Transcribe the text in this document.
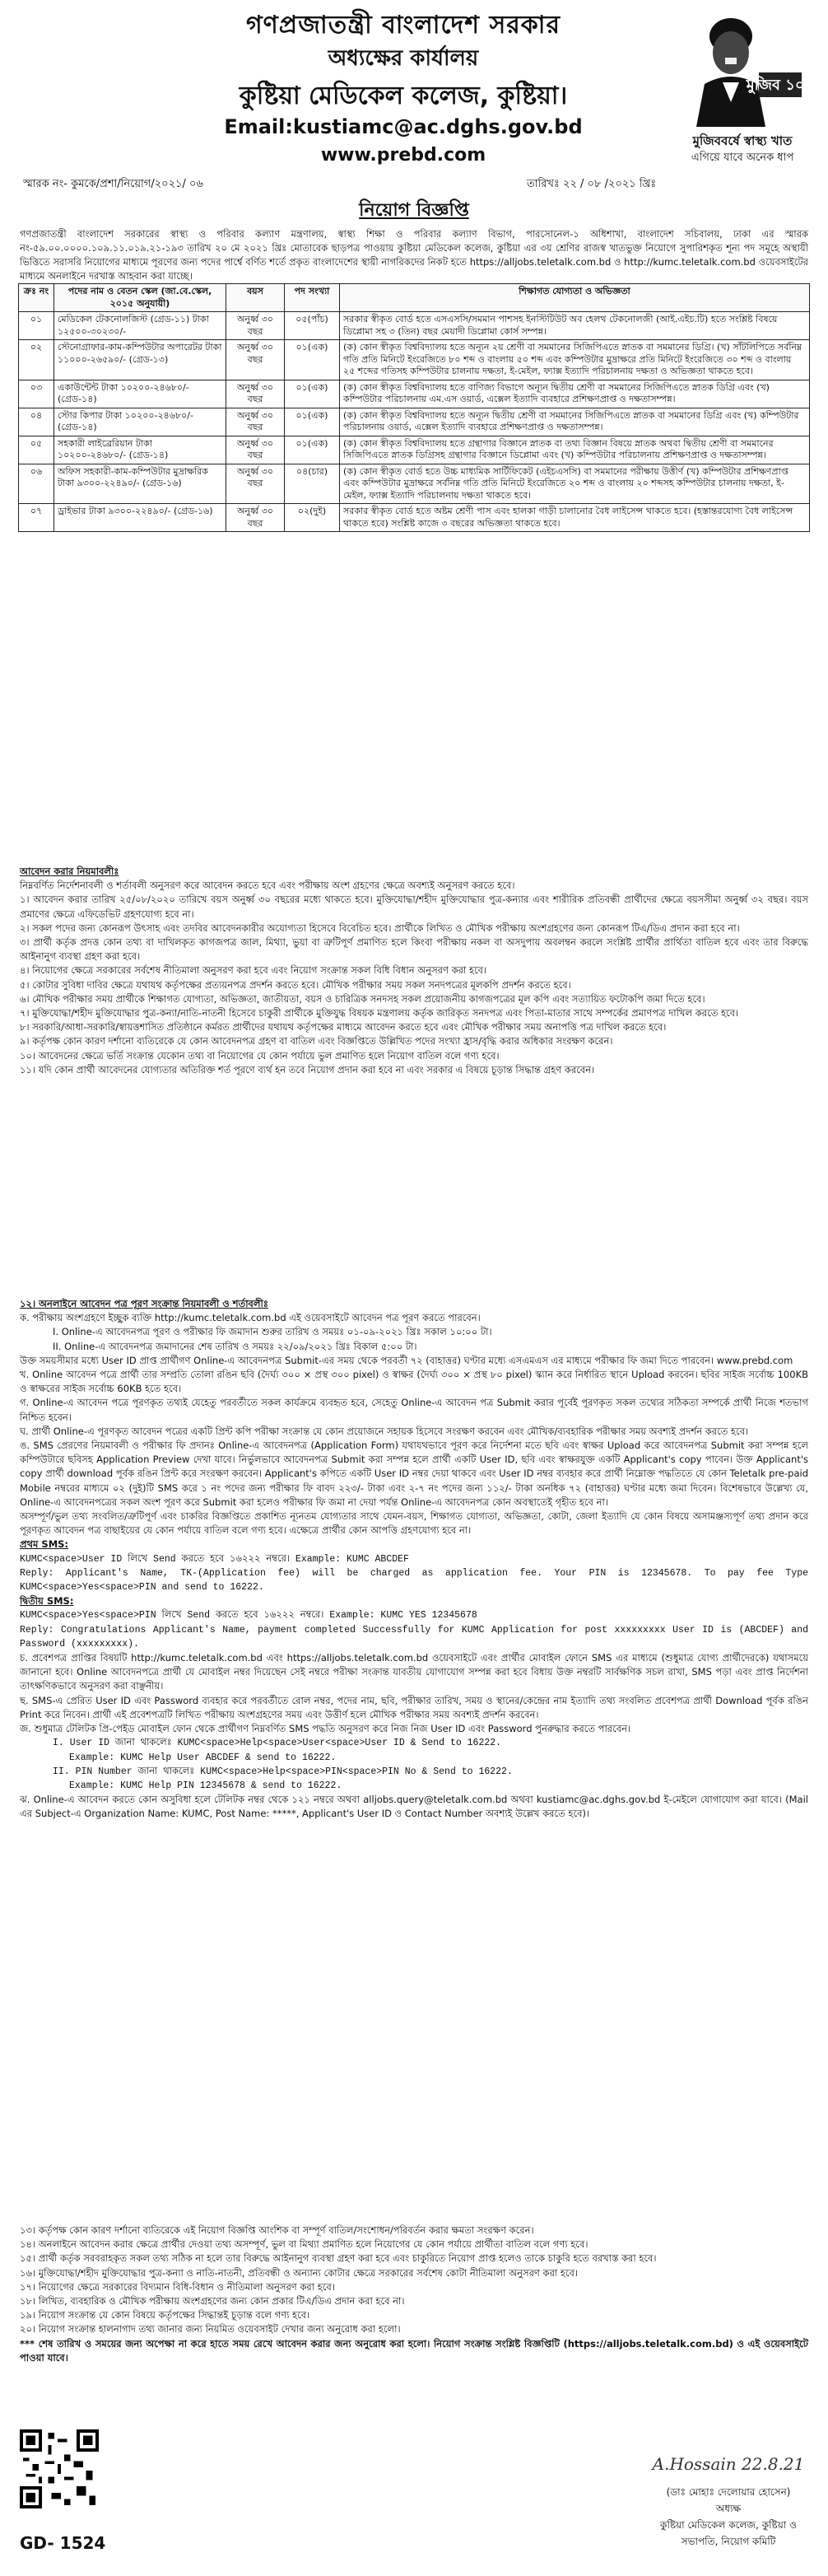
গণপ্রজাতন্ত্রী বাংলাদেশ সরকার
অধ্যক্ষের কার্যালয়
কুষ্টিয়া মেডিকেল কলেজ, কুষ্টিয়া।
Email:kustiamc@ac.dghs.gov.bd
www.prebd.com
মুজিব ১০০
মুজিববর্ষে স্বাস্থ্য খাত
এগিয়ে যাবে অনেক ধাপ
স্মারক নং- কুমকে/প্রশা/নিয়োগ/২০২১/ ০৬	তারিখঃ ২২ / ০৮ /২০২১ খ্রিঃ
নিয়োগ বিজ্ঞপ্তি
গণপ্রজাতন্ত্রী বাংলাদেশ সরকারের স্বাস্থ্য ও পরিবার কল্যাণ মন্ত্রণালয়, স্বাস্থ্য শিক্ষা ও পরিবার কল্যাণ বিভাগ, পারসোনেল-১ অধিশাখা, বাংলাদেশ সচিবালয়, ঢাকা এর স্মারক নং-৫৯.০০.০০০০.১০৯.১১.০১৯.২১-১৯৩ তারিখ ২০ মে ২০২১ খ্রিঃ মোতাবেক ছাড়পত্র পাওয়ায় কুষ্টিয়া মেডিকেল কলেজ, কুষ্টিয়া এর ৩য় শ্রেণির রাজস্ব খাতভুক্ত নিয়োগে সুপারিশকৃত শূন্য পদ সমূহে অস্থায়ী ভিত্তিতে সরাসরি নিয়োগের মাধ্যমে পূরণের জন্য পদের পার্শ্বে বর্ণিত শর্তে প্রকৃত বাংলাদেশের স্থায়ী নাগরিকদের নিকট হতে https://alljobs.teletalk.com.bd ও http://kumc.teletalk.com.bd ওয়েবসাইটের মাধ্যমে অনলাইনে দরখাস্ত আহবান করা যাচ্ছে।
ক্রঃ নং	পদের নাম ও বেতন স্কেল (জা.বে.স্কেল, ২০১৫ অনুযায়ী)	বয়স	পদ সংখ্যা	শিক্ষাগত যোগ্যতা ও অভিজ্ঞতা
০১	মেডিকেল টেকনোলজিস্ট (গ্রেড-১১) টাকা ১২৫০০-৩০২৩০/-	অনুর্ধ্ব ৩০ বছর	০৫(পাঁচ)	সরকার স্বীকৃত বোর্ড হতে এসএসসি/সমমান পাশসহ ইনস্টিটিউট অব হেলথ টেকনোলজী (আই.এইচ.টি) হতে সংশ্লিষ্ট বিষয়ে ডিপ্লোমা সহ ৩ (তিন) বছর মেয়াদী ডিপ্লোমা কোর্স সম্পন্ন।
০২	স্টেনোগ্রাফার-কাম-কম্পিউটার অপারেটর টাকা ১১০০০-২৬৫৯০/- (গ্রেড-১৩)	অনুর্ধ্ব ৩০ বছর	০১(এক)	(ক) কোন স্বীকৃত বিশ্ববিদ্যালয় হতে অন্যূন ২য় শ্রেণী বা সমমানের সিজিপিএতে স্নাতক বা সমমানের ডিগ্রি। (খ) সাঁটলিপিতে সর্বনিম্ন গতি প্রতি মিনিটে ইংরেজিতে ৮০ শব্দ ও বাংলায় ৫০ শব্দ এবং কম্পিউটার মুদ্রাক্ষরে প্রতি মিনিটে ইংরেজিতে ৩০ শব্দ ও বাংলায় ২৫ শব্দের গতিসহ কম্পিউটার চালনায় দক্ষতা, ই-মেইল, ফ্যাক্স ইত্যাদি পরিচালনায় দক্ষতা ও অভিজ্ঞতা থাকতে হবে।
০৩	একাউন্টেন্ট টাকা ১০২০০-২৪৬৮০/- (গ্রেড-১৪)	অনুর্ধ্ব ৩০ বছর	০১(এক)	(ক) কোন স্বীকৃত বিশ্ববিদ্যালয় হতে বাণিজ্য বিভাগে অন্যূন দ্বিতীয় শ্রেণী বা সমমানের সিজিপিএতে স্নাতক ডিগ্রি এবং (খ) কম্পিউটার পরিচালনায় এম.এস ওয়ার্ড, এক্সেল ইত্যাদি ব্যবহারে প্রশিক্ষণপ্রাপ্ত ও দক্ষতাসম্পন্ন।
০৪	স্টোর কিপার টাকা ১০২০০-২৪৬৮০/- (গ্রেড-১৪)	অনুর্ধ্ব ৩০ বছর	০১(এক)	(ক) কোন স্বীকৃত বিশ্ববিদ্যালয় হতে অন্যূন দ্বিতীয় শ্রেণী বা সমমানের সিজিপিএতে স্নাতক বা সমমানের ডিগ্রি এবং (খ) কম্পিউটার পরিচালনায় ওয়ার্ড, এক্সেল ইত্যাদি ব্যবহারে প্রশিক্ষণপ্রাপ্ত ও দক্ষতাসম্পন্ন।
০৫	সহকারী লাইব্রেরিয়ান টাকা ১০২০০-২৪৬৮০/- (গ্রেড-১৪)	অনুর্ধ্ব ৩০ বছর	০১(এক)	(ক) কোন স্বীকৃত বিশ্ববিদ্যালয় হতে গ্রন্থাগার বিজ্ঞানে স্নাতক বা তথ্য বিজ্ঞান বিষয়ে স্নাতক অথবা দ্বিতীয় শ্রেণী বা সমমানের সিজিপিএতে স্নাতক ডিগ্রিসহ গ্রন্থাগার বিজ্ঞানে ডিপ্লোমা এবং (খ) কম্পিউটার পরিচালনায় প্রশিক্ষণপ্রাপ্ত ও দক্ষতাসম্পন্ন।
০৬	অফিস সহকারী-কাম-কম্পিউটার মুদ্রাক্ষরিক টাকা ৯৩০০-২২৪৯০/- (গ্রেড-১৬)	অনুর্ধ্ব ৩০ বছর	০৪(চার)	(ক) কোন স্বীকৃত বোর্ড হতে উচ্চ মাধ্যমিক সার্টিফিকেট (এইচএসসি) বা সমমানের পরীক্ষায় উত্তীর্ণ (খ) কম্পিউটার প্রশিক্ষণপ্রাপ্ত এবং কম্পিউটার মুদ্রাক্ষরে সর্বনিম্ন গতি প্রতি মিনিটে ইংরেজিতে ২০ শব্দ ও বাংলায় ২০ শব্দসহ কম্পিউটার চালনায় দক্ষতা, ই-মেইল, ফ্যাক্স ইত্যাদি পরিচালনায় দক্ষতা থাকতে হবে।
০৭	ড্রাইভার টাকা ৯৩০০-২২৪৯০/- (গ্রেড-১৬)	অনুর্ধ্ব ৩০ বছর	০২(দুই)	সরকার স্বীকৃত বোর্ড হতে অষ্টম শ্রেণী পাস এবং হালকা গাড়ী চালানোর বৈধ লাইসেন্স থাকতে হবে। (হস্তান্তরযোগ্য বৈধ লাইসেন্স থাকতে হবে) সংশ্লিষ্ট কাজে ৩ বছরের অভিজ্ঞতা থাকতে হবে।
আবেদন করার নিয়মাবলীঃ

নিম্নবর্ণিত নির্দেশনাবলী ও শর্তাবলী অনুসরণ করে আবেদন করতে হবে এবং পরীক্ষায় অংশ গ্রহণের ক্ষেত্রে অবশ্যই অনুসরণ করতে হবে।

১। আবেদন করার তারিখ ২৫/০৮/২০২০ তারিখে বয়স অনুর্ধ্ব ৩০ বছরের মধ্যে থাকতে হবে। মুক্তিযোদ্ধা/শহীদ মুক্তিযোদ্ধার পুত্র-কন্যার এবং শারীরিক প্রতিবন্ধী প্রার্থীদের ক্ষেত্রে বয়সসীমা অনুর্ধ্ব ৩২ বছর। বয়স প্রমাণের ক্ষেত্রে এফিডেভিট গ্রহণযোগ্য হবে না।

২। সকল পদের জন্য কোনরূপ উৎসাহ এবং তদবির আবেদনকারীর অযোগ্যতা হিসেবে বিবেচিত হবে। প্রার্থীকে লিখিত ও মৌখিক পরীক্ষায় অংশগ্রহণের জন্য কোনরূপ টিএ/ডিএ প্রদান করা হবে না।

৩। প্রার্থী কর্তৃক প্রদত্ত কোন তথ্য বা দাখিলকৃত কাগজপত্র জাল, মিথ্যা, ভুয়া বা ত্রুটিপূর্ণ প্রমাণিত হলে কিংবা পরীক্ষায় নকল বা অসদুপায় অবলম্বন করলে সংশ্লিষ্ট প্রার্থীর প্রার্থিতা বাতিল হবে এবং তার বিরুদ্ধে আইনানুগ ব্যবস্থা গ্রহণ করা হবে।

৪। নিয়োগের ক্ষেত্রে সরকারের সর্বশেষ নীতিমালা অনুসরণ করা হবে এবং নিয়োগ সংক্রান্ত সকল বিধি বিধান অনুসরণ করা হবে।

৫। কোটার সুবিধা দাবির ক্ষেত্রে যথাযথ কর্তৃপক্ষের প্রত্যয়নপত্র প্রদর্শন করতে হবে। মৌখিক পরীক্ষার সময় সকল সনদপত্রের মূলকপি প্রদর্শন করতে হবে।

৬। মৌখিক পরীক্ষার সময় প্রার্থীকে শিক্ষাগত যোগ্যতা, অভিজ্ঞতা, জাতীয়তা, বয়স ও চারিত্রিক সনদসহ সকল প্রয়োজনীয় কাগজপত্রের মূল কপি এবং সত্যায়িত ফটোকপি জমা দিতে হবে।

৭। মুক্তিযোদ্ধা/শহীদ মুক্তিযোদ্ধার পুত্র-কন্যা/নাতি-নাতনী হিসেবে চাকুরী প্রার্থীকে মুক্তিযুদ্ধ বিষয়ক মন্ত্রণালয় কর্তৃক জারিকৃত সনদপত্র এবং পিতা-মাতার সাথে সম্পর্কের প্রমাণপত্র দাখিল করতে হবে।

৮। সরকারি/আধা-সরকারি/স্বায়ত্তশাসিত প্রতিষ্ঠানে কর্মরত প্রার্থীদের যথাযথ কর্তৃপক্ষের মাধ্যমে আবেদন করতে হবে এবং মৌখিক পরীক্ষার সময় অনাপত্তি পত্র দাখিল করতে হবে।

৯। কর্তৃপক্ষ কোন কারণ দর্শানো ব্যতিরেকে যে কোন আবেদনপত্র গ্রহণ বা বাতিল এবং বিজ্ঞপ্তিতে উল্লিখিত পদের সংখ্যা হ্রাস/বৃদ্ধি করার অধিকার সংরক্ষণ করেন।

১০। আবেদনের ক্ষেত্রে ভর্তি সংক্রান্ত যেকোন তথ্য বা নিয়োগের যে কোন পর্যায়ে ভুল প্রমাণিত হলে নিয়োগ বাতিল বলে গণ্য হবে।

১১। যদি কোন প্রার্থী আবেদনের যোগ্যতার অতিরিক্ত শর্ত পূরণে ব্যর্থ হন তবে নিয়োগ প্রদান করা হবে না এবং সরকার এ বিষয়ে চূড়ান্ত সিদ্ধান্ত গ্রহণ করবেন।

১২। অনলাইনে আবেদন পত্র পূরণ সংক্রান্ত নিয়মাবলী ও শর্তাবলীঃ

ক. পরীক্ষায় অংশগ্রহণে ইচ্ছুক ব্যক্তি http://kumc.teletalk.com.bd এই ওয়েবসাইটে আবেদন পত্র পূরণ করতে পারবেন।

I. Online-এ আবেদনপত্র পূরণ ও পরীক্ষার ফি জমাদান শুরুর তারিখ ও সময়ঃ ০১-০৯-২০২১ খ্রিঃ সকাল ১০:০০ টা।

II. Online-এ আবেদনপত্র জমাদানের শেষ তারিখ ও সময়ঃ ২২/০৯/২০২১ খ্রিঃ বিকাল ৫:০০ টা।

উক্ত সময়সীমার মধ্যে User ID প্রাপ্ত প্রার্থীগণ Online-এ আবেদনপত্র Submit-এর সময় থেকে পরবর্তী ৭২ (বাহাত্তর) ঘণ্টার মধ্যে এসএমএস এর মাধ্যমে পরীক্ষার ফি জমা দিতে পারবেন। www.prebd.com

খ. Online আবেদন পত্রে প্রার্থী তার সম্প্রতি তোলা রঙিন ছবি (দৈর্ঘ্য ৩০০ × প্রস্থ ৩০০ pixel) ও স্বাক্ষর (দৈর্ঘ্য ৩০০ × প্রস্থ ৮০ pixel) স্ক্যান করে নির্ধারিত স্থানে Upload করবেন। ছবির সাইজ সর্বোচ্চ 100KB ও স্বাক্ষরের সাইজ সর্বোচ্চ 60KB হতে হবে।

গ. Online-এ আবেদন পত্রে পূরণকৃত তথ্যই যেহেতু পরবর্তীতে সকল কার্যক্রমে ব্যবহৃত হবে, সেহেতু Online-এ আবেদন পত্র Submit করার পূর্বেই পূরণকৃত সকল তথ্যের সঠিকতা সম্পর্কে প্রার্থী নিজে শতভাগ নিশ্চিত হবেন।

ঘ. প্রার্থী Online-এ পূরণকৃত আবেদন পত্রের একটি প্রিন্ট কপি পরীক্ষা সংক্রান্ত যে কোন প্রয়োজনে সহায়ক হিসেবে সংরক্ষণ করবেন এবং মৌখিক/ব্যবহারিক পরীক্ষার সময় অবশ্যই প্রদর্শন করতে হবে।

ঙ. SMS প্রেরণের নিয়মাবলী ও পরীক্ষার ফি প্রদানঃ Online-এ আবেদনপত্র (Application Form) যথাযথভাবে পূরণ করে নির্দেশনা মতে ছবি এবং স্বাক্ষর Upload করে আবেদনপত্র Submit করা সম্পন্ন হলে কম্পিউটারে ছবিসহ Application Preview দেখা যাবে। নির্ভুলভাবে আবেদনপত্র Submit করা সম্পন্ন হলে প্রার্থী একটি User ID, ছবি এবং স্বাক্ষরযুক্ত একটি Applicant's copy পাবেন। উক্ত Applicant's copy প্রার্থী download পূর্বক রঙিন প্রিন্ট করে সংরক্ষণ করবেন। Applicant's কপিতে একটি User ID নম্বর দেয়া থাকবে এবং User ID নম্বর ব্যবহার করে প্রার্থী নিম্নোক্ত পদ্ধতিতে যে কোন Teletalk pre-paid Mobile নম্বরের মাধ্যমে ০২ (দুই)টি SMS করে ১ নং পদের জন্য পরীক্ষার ফি বাবদ ২২৩/- টাকা এবং ২-৭ নং পদের জন্য ১১২/- টাকা অনধিক ৭২ (বাহাত্তর) ঘণ্টার মধ্যে জমা দিবেন। বিশেষভাবে উল্লেখ্য যে, Online-এ আবেদনপত্রের সকল অংশ পূরণ করে Submit করা হলেও পরীক্ষার ফি জমা না দেয়া পর্যন্ত Online-এ আবেদনপত্র কোন অবস্থাতেই গৃহীত হবে না।

অসম্পূর্ণ/ভুল তথ্য সংবলিত/ত্রুটিপূর্ণ এবং চাকরির বিজ্ঞপ্তিতে প্রকাশিত ন্যূনতম যোগ্যতার সাথে যেমন-বয়স, শিক্ষাগত যোগ্যতা, অভিজ্ঞতা, কোটা, জেলা ইত্যাদি যে কোন বিষয়ে অসামঞ্জস্যপূর্ণ তথ্য প্রদান করে পূরণকৃত আবেদন পত্র বাছাইয়ের যে কোন পর্যায়ে বাতিল বলে গণ্য হবে। এক্ষেত্রে প্রার্থীর কোন আপত্তি গ্রহণযোগ্য হবে না।

প্রথম SMS:

KUMC<space>User ID লিখে Send করতে হবে ১৬২২২ নম্বরে। Example: KUMC ABCDEF

Reply: Applicant's Name, TK-(Application fee) will be charged as application fee. Your PIN is 12345678. To pay fee Type KUMC<space>Yes<space>PIN and send to 16222.

দ্বিতীয় SMS:

KUMC<space>Yes<space>PIN লিখে Send করতে হবে ১৬২২২ নম্বরে। Example: KUMC YES 12345678

Reply: Congratulations Applicant's Name, payment completed Successfully for KUMC Application for post xxxxxxxxx User ID is (ABCDEF) and Password (xxxxxxxxx).

চ. প্রবেশপত্র প্রাপ্তির বিষয়টি http://kumc.teletalk.com.bd এবং https://alljobs.teletalk.com.bd ওয়েবসাইটে এবং প্রার্থীর মোবাইল ফোনে SMS এর মাধ্যমে (শুধুমাত্র যোগ্য প্রার্থীদেরকে) যথাসময়ে জানানো হবে। Online আবেদনপত্রে প্রার্থী যে মোবাইল নম্বর দিয়েছেন সেই নম্বরে পরীক্ষা সংক্রান্ত যাবতীয় যোগাযোগ সম্পন্ন করা হবে বিধায় উক্ত নম্বরটি সার্বক্ষণিক সচল রাখা, SMS পড়া এবং প্রাপ্ত নির্দেশনা তাৎক্ষণিকভাবে অনুসরণ করা বাঞ্ছনীয়।

ছ. SMS-এ প্রেরিত User ID এবং Password ব্যবহার করে পরবর্তীতে রোল নম্বর, পদের নাম, ছবি, পরীক্ষার তারিখ, সময় ও স্থানের/কেন্দ্রের নাম ইত্যাদি তথ্য সংবলিত প্রবেশপত্র প্রার্থী Download পূর্বক রঙিন Print করে নিবেন। প্রার্থী এই প্রবেশপত্রটি লিখিত পরীক্ষায় অংশগ্রহণের সময় এবং উত্তীর্ণ হলে মৌখিক পরীক্ষার সময় অবশ্যই প্রদর্শন করবেন।

জ. শুধুমাত্র টেলিটক প্রি-পেইড মোবাইল ফোন থেকে প্রার্থীগণ নিম্নবর্ণিত SMS পদ্ধতি অনুসরণ করে নিজ নিজ User ID এবং Password পুনরুদ্ধার করতে পারবেন।

I. User ID জানা থাকলেঃ KUMC<space>Help<space>User<space>User ID & Send to 16222.

Example: KUMC Help User ABCDEF & send to 16222.

II. PIN Number জানা থাকলেঃ KUMC<space>Help<space>PIN<space>PIN No & Send to 16222.

Example: KUMC Help PIN 12345678 & send to 16222.

ঝ. Online-এ আবেদন করতে কোন অসুবিধা হলে টেলিটক নম্বর থেকে ১২১ নম্বরে অথবা alljobs.query@teletalk.com.bd অথবা kustiamc@ac.dghs.gov.bd ই-মেইলে যোগাযোগ করা যাবে। (Mail এর Subject-এ Organization Name: KUMC, Post Name: *****, Applicant's User ID ও Contact Number অবশ্যই উল্লেখ করতে হবে)।

১৩। কর্তৃপক্ষ কোন কারণ দর্শানো ব্যতিরেকে এই নিয়োগ বিজ্ঞপ্তি আংশিক বা সম্পূর্ণ বাতিল/সংশোধন/পরিবর্তন করার ক্ষমতা সংরক্ষণ করেন।

১৪। অনলাইনে আবেদন করার ক্ষেত্রে প্রার্থীর দেওয়া তথ্য অসম্পূর্ণ, ভুল বা মিথ্যা প্রমাণিত হলে নিয়োগের যে কোন পর্যায়ে প্রার্থীতা বাতিল বলে গণ্য হবে।

১৫। প্রার্থী কর্তৃক সরবরাহকৃত সকল তথ্য সঠিক না হলে তার বিরুদ্ধে আইনানুগ ব্যবস্থা গ্রহণ করা হবে এবং চাকুরিতে নিয়োগ প্রাপ্ত হলেও তাকে চাকুরি হতে বরখাস্ত করা হবে।

১৬। মুক্তিযোদ্ধা/শহীদ মুক্তিযোদ্ধার পুত্র-কন্যা ও নাতি-নাতনী, প্রতিবন্ধী ও অন্যান্য কোটার ক্ষেত্রে সরকারের সর্বশেষ কোটা নীতিমালা অনুসরণ করা হবে।

১৭। নিয়োগের ক্ষেত্রে সরকারের বিদ্যমান বিধি-বিধান ও নীতিমালা অনুসরণ করা হবে।

১৮। লিখিত, ব্যবহারিক ও মৌখিক পরীক্ষায় অংশগ্রহণের জন্য কোন প্রকার টিএ/ডিএ প্রদান করা হবে না।

১৯। নিয়োগ সংক্রান্ত যে কোন বিষয়ে কর্তৃপক্ষের সিদ্ধান্তই চূড়ান্ত বলে গণ্য হবে।

২০। নিয়োগ সংক্রান্ত হালনাগাদ তথ্য জানার জন্য নিয়মিত ওয়েবসাইট দেখার জন্য অনুরোধ করা হলো।

*** শেষ তারিখ ও সময়ের জন্য অপেক্ষা না করে হাতে সময় রেখে আবেদন করার জন্য অনুরোধ করা হলো। নিয়োগ সংক্রান্ত সংশ্লিষ্ট বিজ্ঞপ্তিটি (https://alljobs.teletalk.com.bd) ও এই ওয়েবসাইটে পাওয়া যাবে।

A.Hossain 22.8.21
(ডাঃ মোহাঃ দেলোয়ার হোসেন)
অধ্যক্ষ
কুষ্টিয়া মেডিকেল কলেজ, কুষ্টিয়া ও সভাপতি, নিয়োগ কমিটি
GD- 1524
